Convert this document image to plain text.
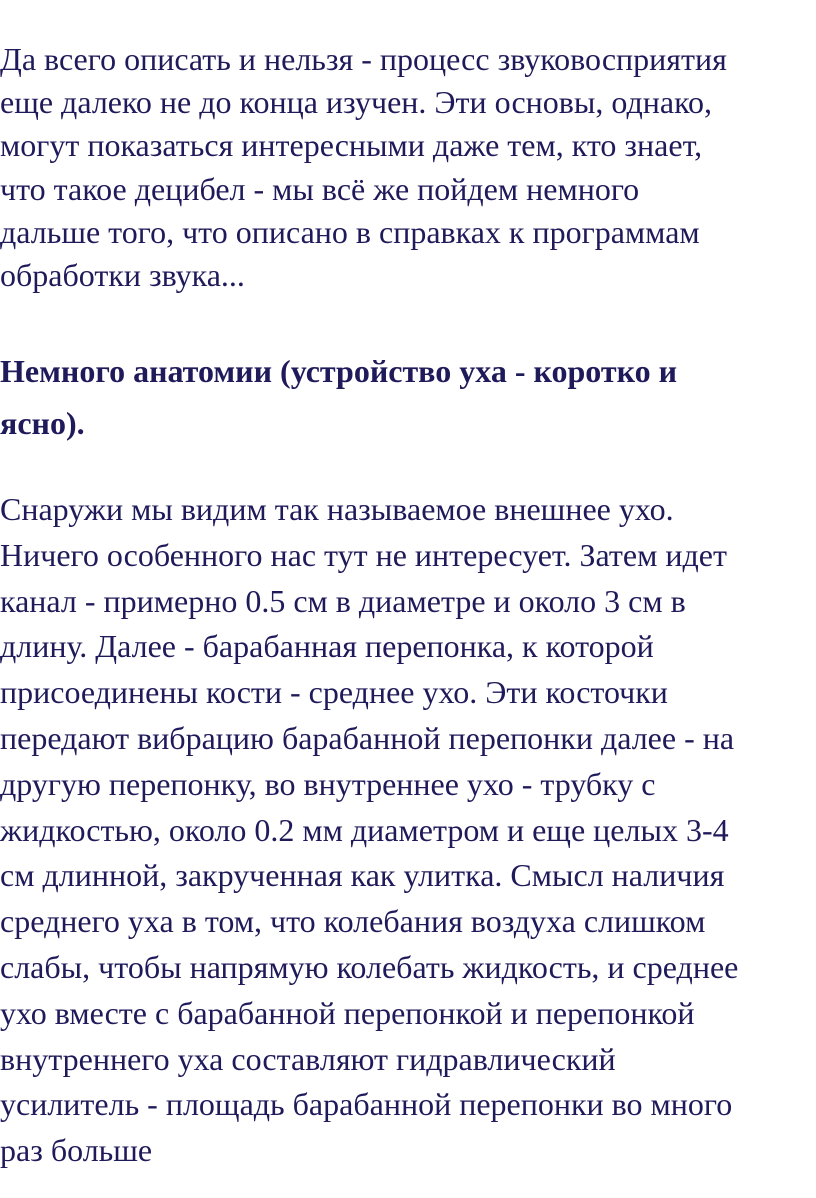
Да всего описать и нельзя - процесс звуковосприятия
еще далеко не до конца изучен. Эти основы, однако,
могут показаться интересными даже тем, кто знает,
что такое децибел - мы всё же пойдем немного
дальше того, что описано в справках к программам
обработки звука...

Немного анатомии (устройство уха - коротко и
ясно).

Снаружи мы видим так называемое внешнее ухо.
Ничего особенного нас тут не интересует. Затем идет
канал - примерно 0.5 см в диаметре и около 3 см в
длину. Далее - барабанная перепонка, к которой
присоединены кости - среднее ухо. Эти косточки
передают вибрацию барабанной перепонки далее - на
другую перепонку, во внутреннее ухо - трубку с
жидкостью, около 0.2 мм диаметром и еще целых 3-4
см длинной, закрученная как улитка. Смысл наличия
среднего уха в том, что колебания воздуха слишком
слабы, чтобы напрямую колебать жидкость, и среднее
ухо вместе с барабанной перепонкой и перепонкой
внутреннего уха составляют гидравлический
усилитель - площадь барабанной перепонки во много
раз больше
